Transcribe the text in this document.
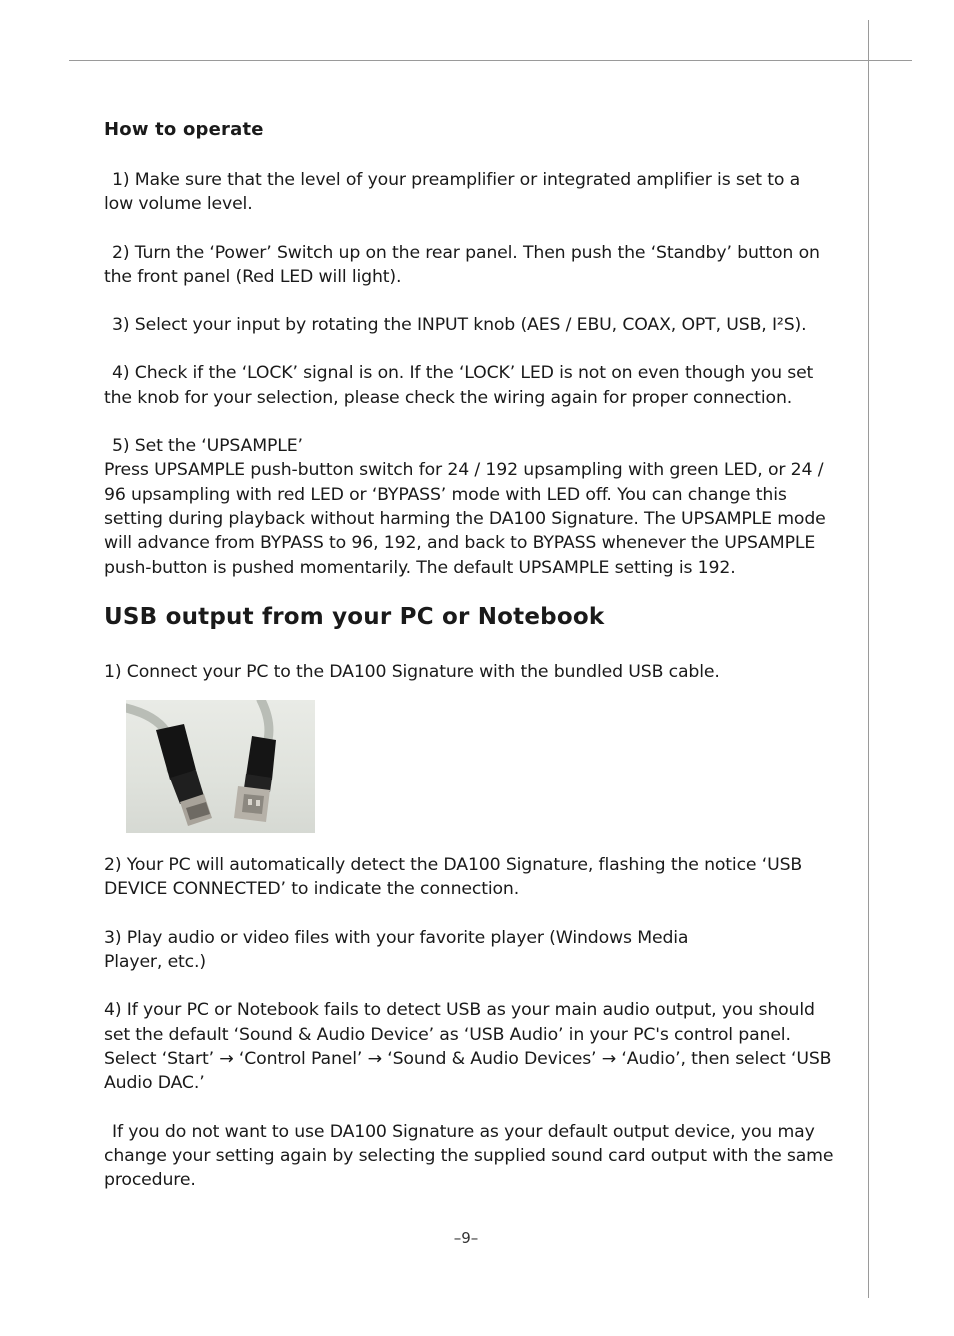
How to operate

1) Make sure that the level of your preamplifier or integrated amplifier is set to a low volume level.

2) Turn the ‘Power’ Switch up on the rear panel. Then push the ‘Standby’ button on the front panel (Red LED will light).

3) Select your input by rotating the INPUT knob (AES / EBU, COAX, OPT, USB, I²S).

4) Check if the ‘LOCK’ signal is on. If the ‘LOCK’ LED is not on even though you set the knob for your selection, please check the wiring again for proper connection.

5) Set the ‘UPSAMPLE’

Press UPSAMPLE push-button switch for 24 / 192 upsampling with green LED, or 24 / 96 upsampling with red LED or ‘BYPASS’ mode with LED off. You can change this setting during playback without harming the DA100 Signature. The UPSAMPLE mode will advance from BYPASS to 96, 192, and back to BYPASS whenever the UPSAMPLE push-button is pushed momentarily. The default UPSAMPLE setting is 192.

USB output from your PC or Notebook

1) Connect your PC to the DA100 Signature with the bundled USB cable.

2) Your PC will automatically detect the DA100 Signature, flashing the notice ‘USB DEVICE CONNECTED’ to indicate the connection.

3) Play audio or video files with your favorite player (Windows Media
Player, etc.)

4) If your PC or Notebook fails to detect USB as your main audio output, you should set the default ‘Sound & Audio Device’ as ‘USB Audio’ in your PC's control panel. Select ‘Start’ → ‘Control Panel’ → ‘Sound & Audio Devices’ → ‘Audio’, then select ‘USB Audio DAC.’

If you do not want to use DA100 Signature as your default output device, you may change your setting again by selecting the supplied sound card output with the same procedure.

–9–
